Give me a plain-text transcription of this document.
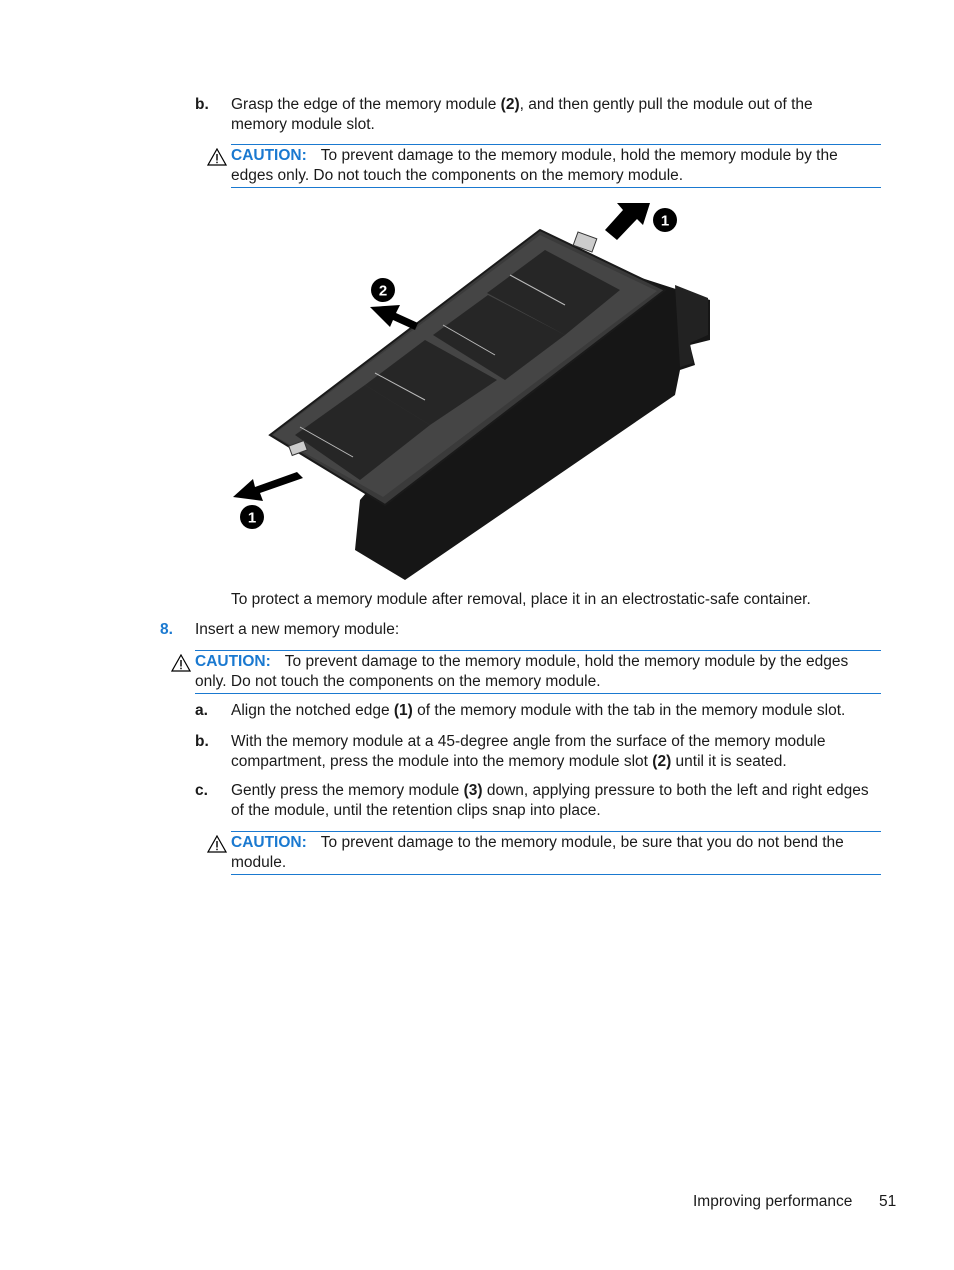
b. Grasp the edge of the memory module (2), and then gently pull the module out of the memory module slot.
CAUTION: To prevent damage to the memory module, hold the memory module by the edges only. Do not touch the components on the memory module.
1
2
1
To protect a memory module after removal, place it in an electrostatic-safe container.
8. Insert a new memory module:
CAUTION: To prevent damage to the memory module, hold the memory module by the edges only. Do not touch the components on the memory module.
a. Align the notched edge (1) of the memory module with the tab in the memory module slot.
b. With the memory module at a 45-degree angle from the surface of the memory module compartment, press the module into the memory module slot (2) until it is seated.
c. Gently press the memory module (3) down, applying pressure to both the left and right edges of the module, until the retention clips snap into place.
CAUTION: To prevent damage to the memory module, be sure that you do not bend the module.
Improving performance 51
